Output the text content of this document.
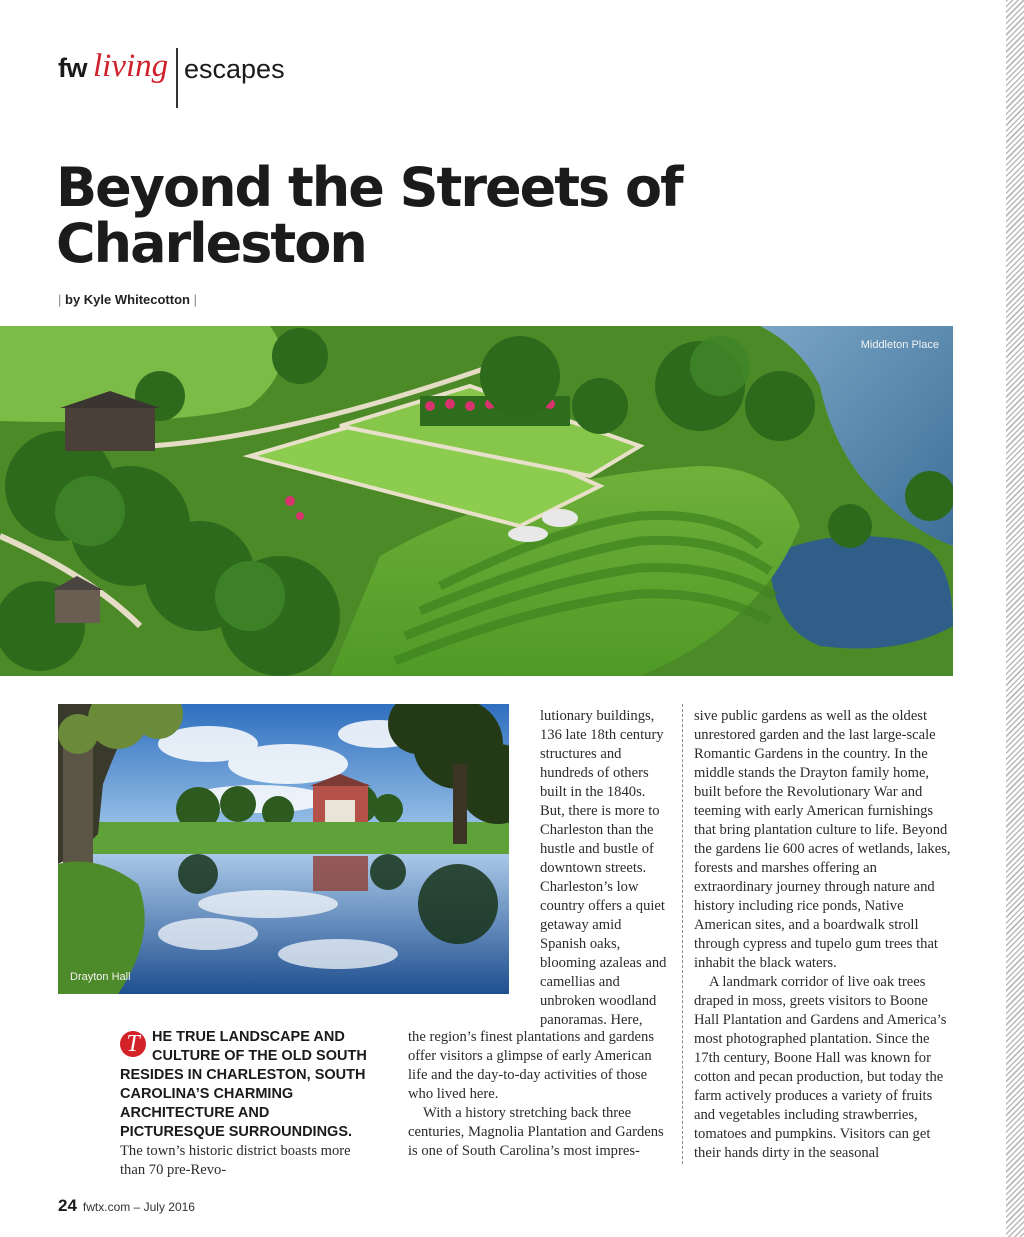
fw living escapes
Beyond the Streets of Charleston
| by Kyle Whitecotton |
Middleton Place
Drayton Hall

lutionary buildings, 136 late 18th century structures and hundreds of others built in the 1840s. But, there is more to Charleston than the hustle and bustle of downtown streets. Charleston’s low country offers a quiet getaway amid Spanish oaks, blooming azaleas and camellias and unbroken woodland panoramas. Here,

the region’s finest plantations and gardens offer visitors a glimpse of early American life and the day-to-day activities of those who lived here.

With a history stretching back three centuries, Magnolia Plantation and Gardens is one of South Carolina’s most impres-

sive public gardens as well as the oldest unrestored garden and the last large-scale Romantic Gardens in the country. In the middle stands the Drayton family home, built before the Revolutionary War and teeming with early American furnishings that bring plantation culture to life. Beyond the gardens lie 600 acres of wetlands, lakes, forests and marshes offering an extraordinary journey through nature and history including rice ponds, Native American sites, and a boardwalk stroll through cypress and tupelo gum trees that inhabit the black waters.

A landmark corridor of live oak trees draped in moss, greets visitors to Boone Hall Plantation and Gardens and America’s most photographed plantation. Since the 17th century, Boone Hall was known for cotton and pecan production, but today the farm actively produces a variety of fruits and vegetables including strawberries, tomatoes and pumpkins. Visitors can get their hands dirty in the seasonal

T HE TRUE LANDSCAPE AND CULTURE OF THE OLD SOUTH RESIDES IN CHARLESTON, SOUTH CAROLINA’S CHARMING ARCHITECTURE AND PICTURESQUE SURROUNDINGS. The town’s historic district boasts more than 70 pre-Revo-
24 fwtx.com – July 2016
